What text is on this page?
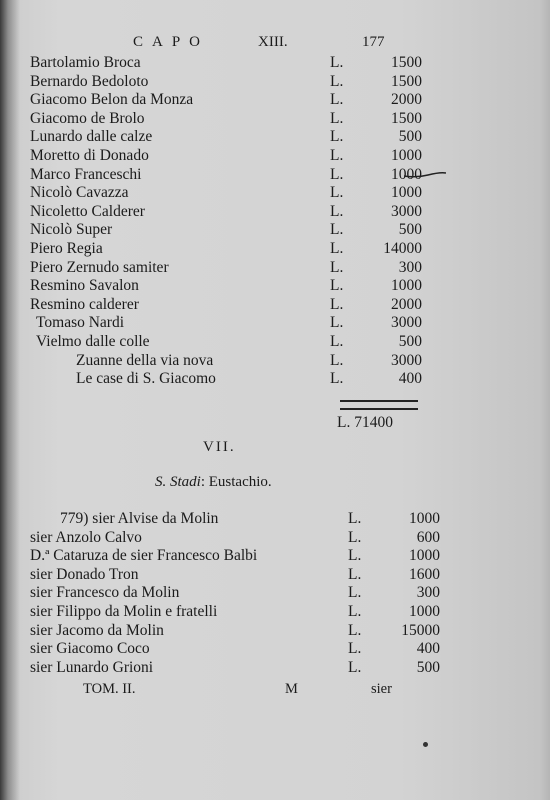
CAPO	XIII.	177
Bartolamio Broca	L.	1500
Bernardo Bedoloto	L.	1500
Giacomo Belon da Monza	L.	2000
Giacomo de Brolo	L.	1500
Lunardo dalle calze	L.	500
Moretto di Donado	L.	1000
Marco Franceschi	L.	1000
Nicolò Cavazza	L.	1000
Nicoletto Calderer	L.	3000
Nicolò Super	L.	500
Piero Regia	L.	14000
Piero Zernudo samiter	L.	300
Resmino Savalon	L.	1000
Resmino calderer	L.	2000
Tomaso Nardi	L.	3000
Vielmo dalle colle	L.	500
Zuanne della via nova	L.	3000
Le case di S. Giacomo	L.	400
L. 71400
VII.
S. Stadi: Eustachio.
779) sier Alvise da Molin	L.	1000
sier Anzolo Calvo	L.	600
D.ª Cataruza de sier Francesco Balbi	L.	1000
sier Donado Tron	L.	1600
sier Francesco da Molin	L.	300
sier Filippo da Molin e fratelli	L.	1000
sier Jacomo da Molin	L.	15000
sier Giacomo Coco	L.	400
sier Lunardo Grioni	L.	500
TOM. II.	M	sier
